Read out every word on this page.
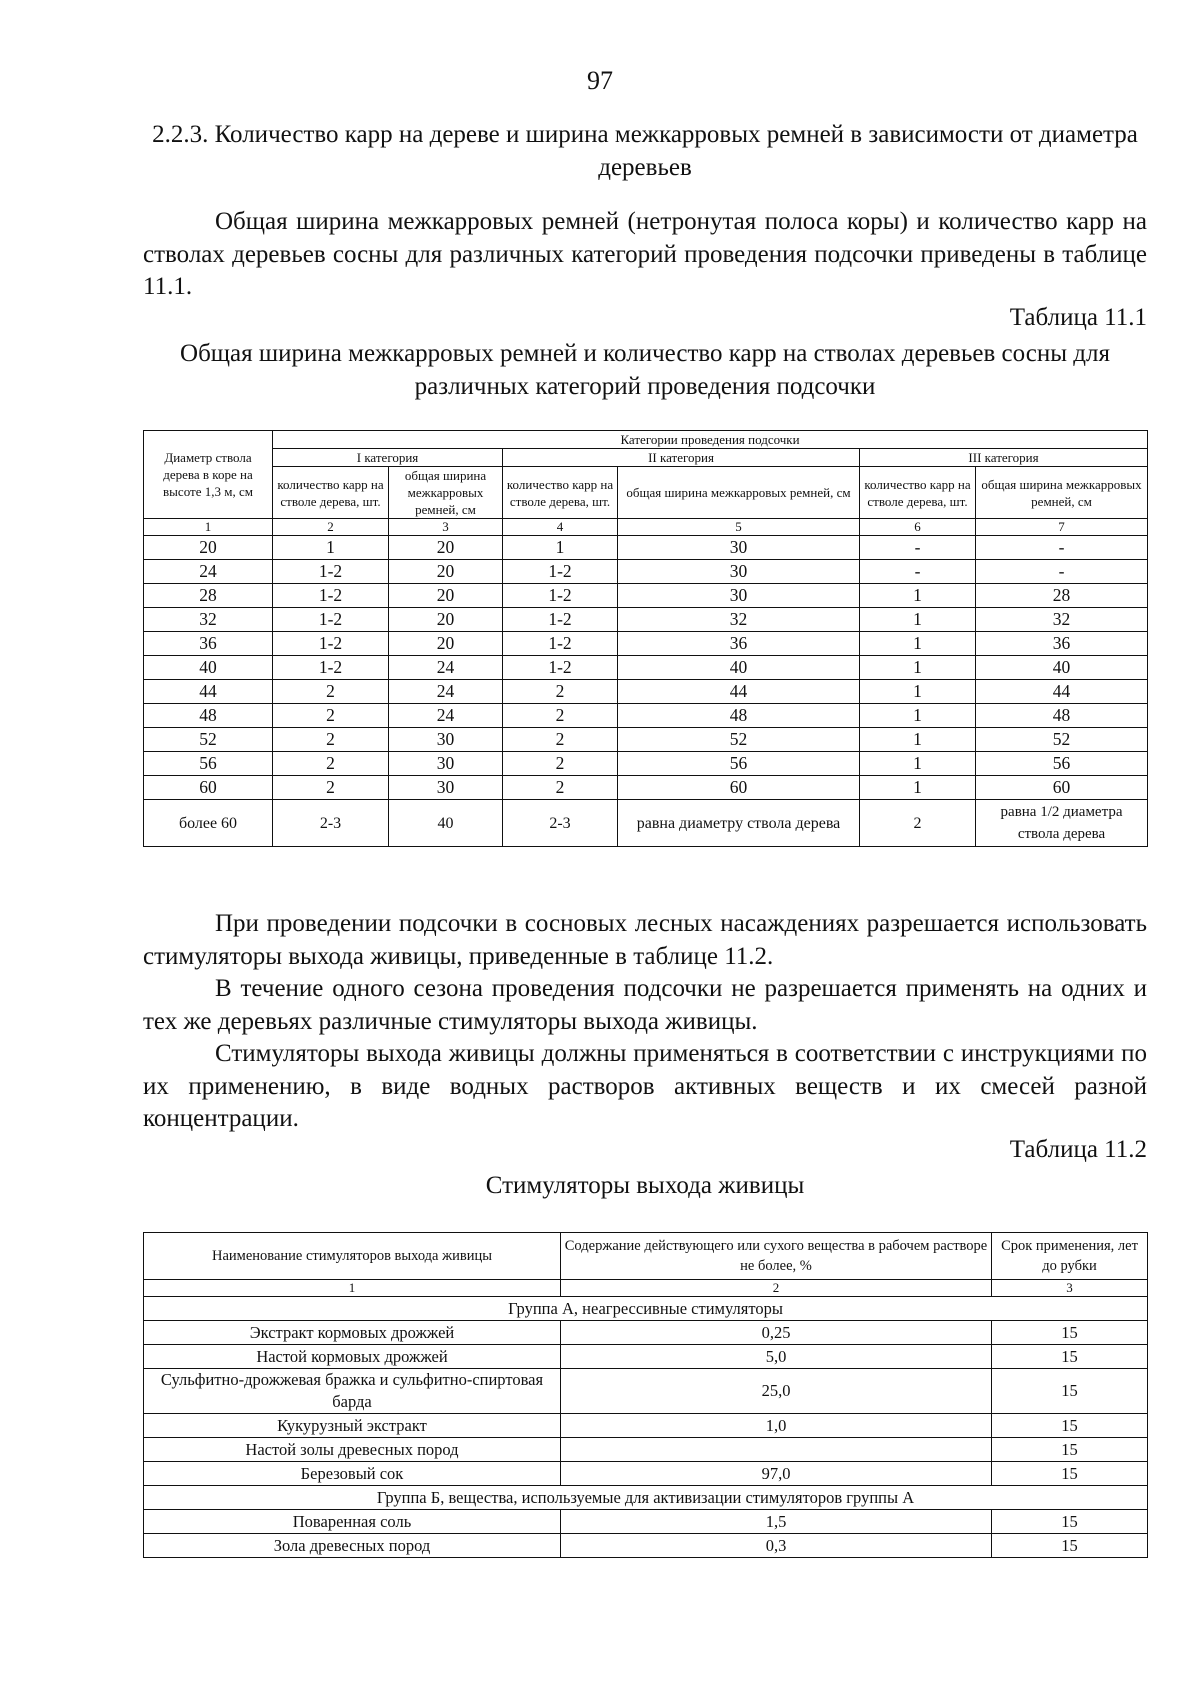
97
2.2.3. Количество карр на дереве и ширина межкарровых ремней в зависимости от диаметра деревьев

Общая ширина межкарровых ремней (нетронутая полоса коры) и количество карр на стволах деревьев сосны для различных категорий проведения подсочки приведены в таблице 11.1.

Таблица 11.1
Общая ширина межкарровых ремней и количество карр на стволах деревьев сосны для различных категорий проведения подсочки
Диаметр ствола дерева в коре на высоте 1,3 м, см	Категории проведения подсочки					
	I категория		II категория		III категория	
	количество карр на стволе дерева, шт.	общая ширина межкарровых ремней, см	количество карр на стволе дерева, шт.	общая ширина межкарровых ремней, см	количество карр на стволе дерева, шт.	общая ширина межкарровых ремней, см
1	2	3	4	5	6	7
20	1	20	1	30	-	-
24	1-2	20	1-2	30	-	-
28	1-2	20	1-2	30	1	28
32	1-2	20	1-2	32	1	32
36	1-2	20	1-2	36	1	36
40	1-2	24	1-2	40	1	40
44	2	24	2	44	1	44
48	2	24	2	48	1	48
52	2	30	2	52	1	52
56	2	30	2	56	1	56
60	2	30	2	60	1	60
более 60	2-3	40	2-3	равна диаметру ствола дерева	2	равна 1/2 диаметра ствола дерева

При проведении подсочки в сосновых лесных насаждениях разрешается использовать стимуляторы выхода живицы, приведенные в таблице 11.2.

В течение одного сезона проведения подсочки не разрешается применять на одних и тех же деревьях различные стимуляторы выхода живицы.

Стимуляторы выхода живицы должны применяться в соответствии с инструкциями по их применению, в виде водных растворов активных веществ и их смесей разной концентрации.

Таблица 11.2
Стимуляторы выхода живицы
Наименование стимуляторов выхода живицы	Содержание действующего или сухого вещества в рабочем растворе не более, %	Срок применения, лет до рубки
1	2	3
Группа А, неагрессивные стимуляторы		
Экстракт кормовых дрожжей	0,25	15
Настой кормовых дрожжей	5,0	15
Сульфитно-дрожжевая бражка и сульфитно-спиртовая барда	25,0	15
Кукурузный экстракт	1,0	15
Настой золы древесных пород		15
Березовый сок	97,0	15
Группа Б, вещества, используемые для активизации стимуляторов группы А		
Поваренная соль	1,5	15
Зола древесных пород	0,3	15
